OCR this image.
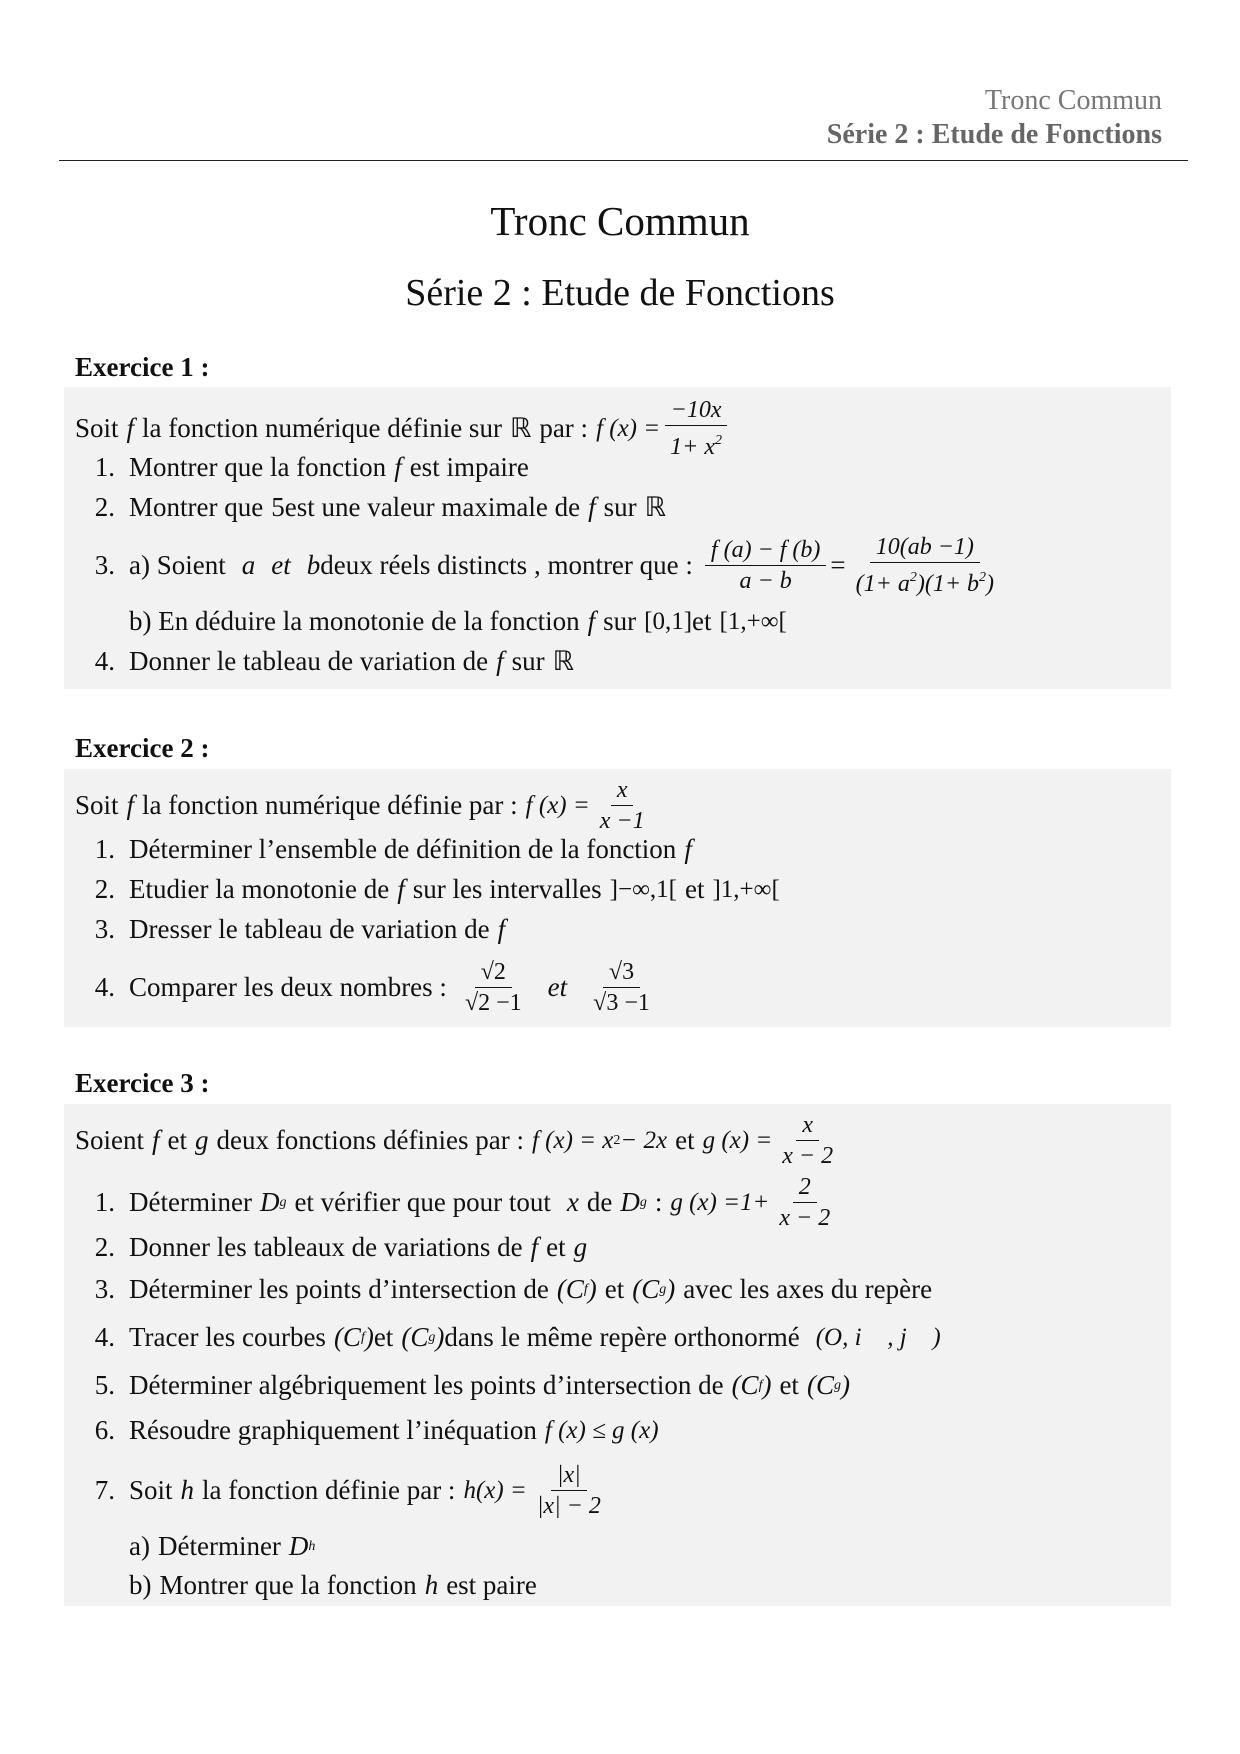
Tronc Commun
Série 2 : Etude de Fonctions
Tronc Commun
Série 2 : Etude de Fonctions
Exercice 1 :
Soit f la fonction numérique définie sur ℝ par : f $(x) = \frac{-10x}{1+ x^2}$
1. Montrer que la fonction f est impaire
2. Montrer que 5 est une valeur maximale de f sur ℝ
3. a) Soient a et b deux réels distincts , montrer que : $\frac{f (a) - f (b)}{a - b} = \frac{10(ab -1)}{(1+ a^2)(1+ b^2)}$
b) En déduire la monotonie de la fonction f sur [0,1] et [1,+∞[
4. Donner le tableau de variation de f sur ℝ
Exercice 2 :
Soit f la fonction numérique définie par : f $(x) = \frac{x}{x -1}$
1. Déterminer l’ensemble de définition de la fonction f
2. Etudier la monotonie de f sur les intervalles ]−∞,1[ et ]1,+∞[
3. Dresser le tableau de variation de f
4. Comparer les deux nombres : $\frac{√2}{√2 -1}$ et $\frac{√3}{√3 -1}$
Exercice 3 :
Soient f et g deux fonctions définies par : f (x) = x 2 − 2x et g $(x) = \frac{x}{x - 2}$
1. Déterminer D g et vérifier que pour tout x de D g : g $(x) =1+ \frac{2}{x - 2}$
2. Donner les tableaux de variations de f et g
3. Déterminer les points d’intersection de (C f ) et (C g ) avec les axes du repère
4. Tracer les courbes (C f ) et (C g ) dans le même repère orthonormé (O, i⃗ , j⃗ )
5. Déterminer algébriquement les points d’intersection de (C f ) et (C g )
6. Résoudre graphiquement l’inéquation f (x) ≤ g (x)
7. Soit h la fonction définie par : $h(x) = \frac{|x|}{|x| - 2}$
a) Déterminer D h
b) Montrer que la fonction h est paire
